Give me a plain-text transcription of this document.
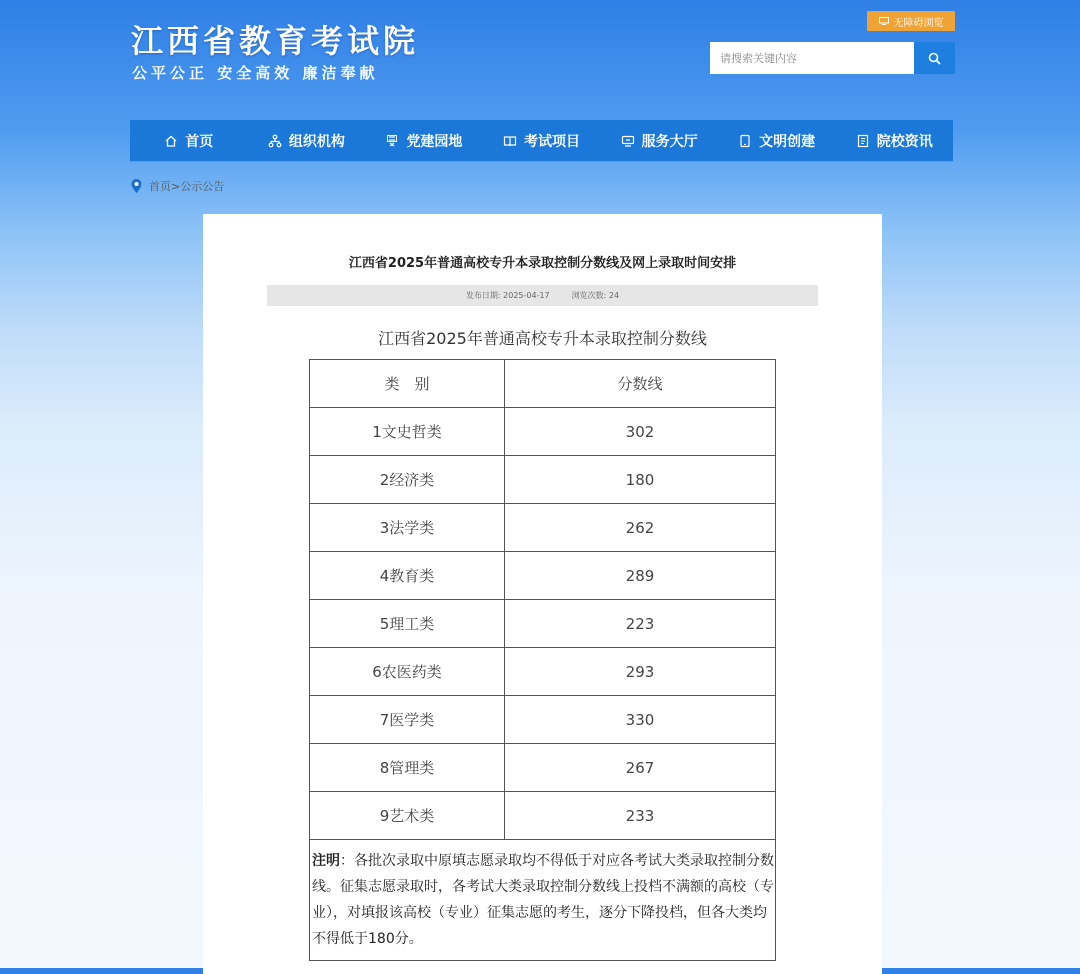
江西省教育考试院
公平公正 安全高效 廉洁奉献
无障碍浏览
请搜索关键内容
首页	组织机构	党建园地	考试项目	服务大厅	文明创建	院校资讯
首页>公示公告
江西省2025年普通高校专升本录取控制分数线及网上录取时间安排
发布日期: 2025-04-17	浏览次数: 24
江西省2025年普通高校专升本录取控制分数线
类　别	分数线
1文史哲类	302
2经济类	180
3法学类	262
4教育类	289
5理工类	223
6农医药类	293
7医学类	330
8管理类	267
9艺术类	233
注明：各批次录取中原填志愿录取均不得低于对应各考试大类录取控制分数线。征集志愿录取时，各考试大类录取控制分数线上投档不满额的高校（专业），对填报该高校（专业）征集志愿的考生，逐分下降投档，但各大类均不得低于180分。	
